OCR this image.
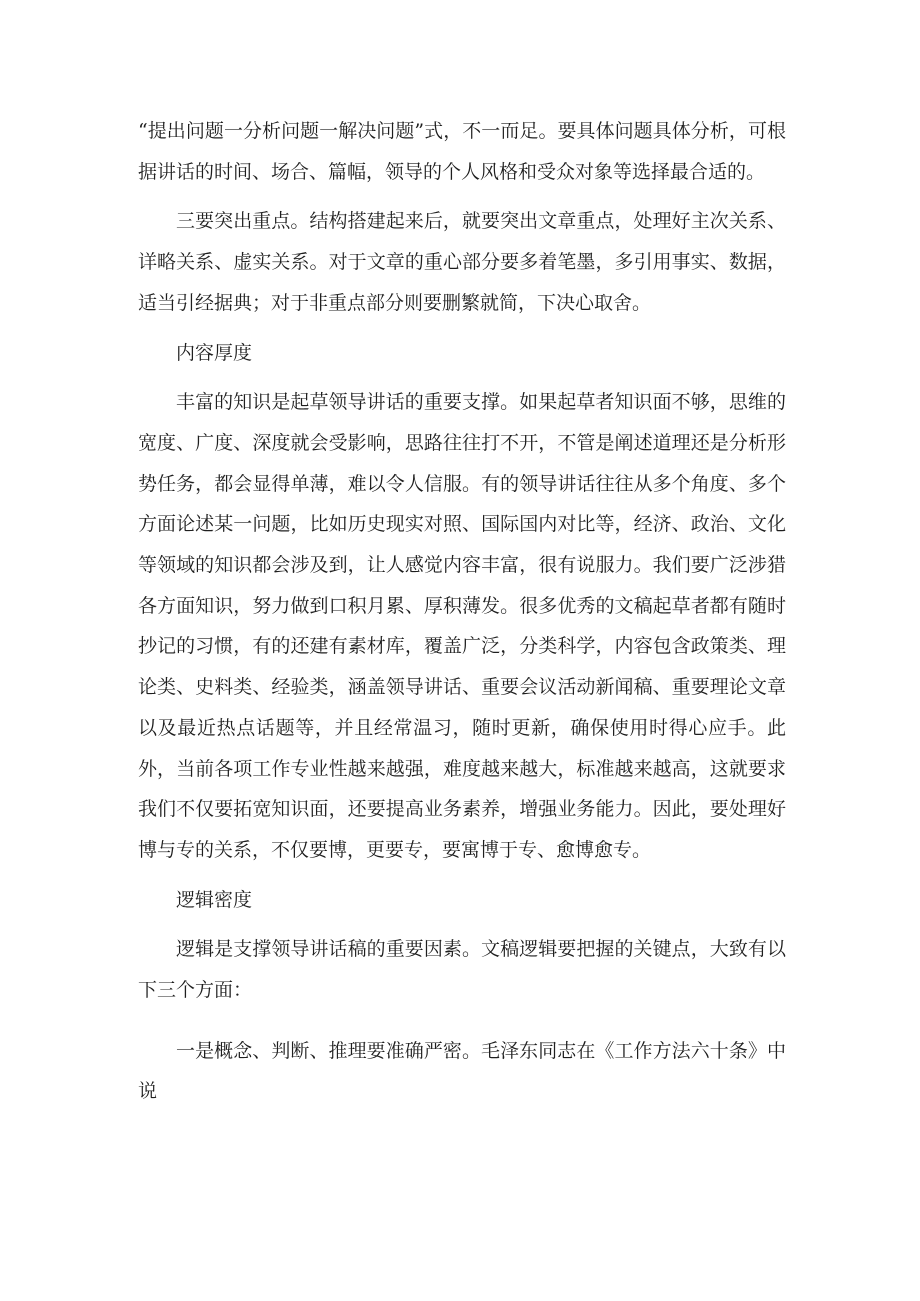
“提出问题一分析问题一解决问题”式，不一而足。要具体问题具体分析，可根据讲话的时间、场合、篇幅，领导的个人风格和受众对象等选择最合适的。

三要突出重点。结构搭建起来后，就要突出文章重点，处理好主次关系、详略关系、虚实关系。对于文章的重心部分要多着笔墨，多引用事实、数据，适当引经据典；对于非重点部分则要删繁就简，下决心取舍。

内容厚度

丰富的知识是起草领导讲话的重要支撑。如果起草者知识面不够，思维的宽度、广度、深度就会受影响，思路往往打不开，不管是阐述道理还是分析形势任务，都会显得单薄，难以令人信服。有的领导讲话往往从多个角度、多个方面论述某一问题，比如历史现实对照、国际国内对比等，经济、政治、文化等领域的知识都会涉及到，让人感觉内容丰富，很有说服力。我们要广泛涉猎各方面知识，努力做到口积月累、厚积薄发。很多优秀的文稿起草者都有随时抄记的习惯，有的还建有素材库，覆盖广泛，分类科学，内容包含政策类、理论类、史料类、经验类，涵盖领导讲话、重要会议活动新闻稿、重要理论文章以及最近热点话题等，并且经常温习，随时更新，确保使用时得心应手。此外，当前各项工作专业性越来越强，难度越来越大，标准越来越高，这就要求我们不仅要拓宽知识面，还要提高业务素养，增强业务能力。因此，要处理好博与专的关系，不仅要博，更要专，要寓博于专、愈博愈专。

逻辑密度

逻辑是支撑领导讲话稿的重要因素。文稿逻辑要把握的关键点，大致有以下三个方面：

一是概念、判断、推理要准确严密。毛泽东同志在《工作方法六十条》中说
